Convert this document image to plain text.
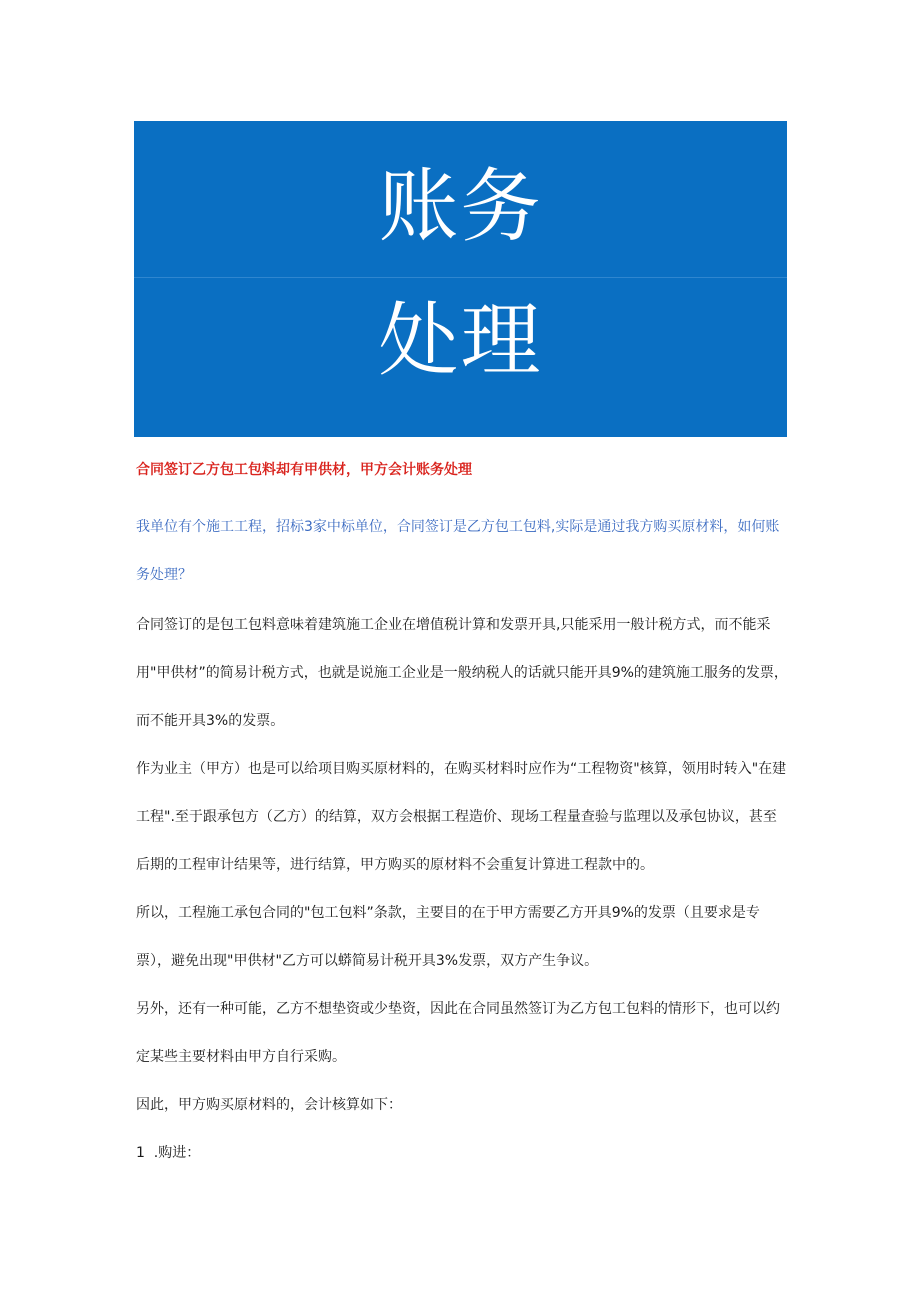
账务
处理

合同签订乙方包工包料却有甲供材，甲方会计账务处理

我单位有个施工工程，招标3家中标单位，合同签订是乙方包工包料,实际是通过我方购买原材料，如何账务处理？

合同签订的是包工包料意味着建筑施工企业在增值税计算和发票开具,只能采用一般计税方式，而不能采用"甲供材”的简易计税方式，也就是说施工企业是一般纳税人的话就只能开具9%的建筑施工服务的发票，而不能开具3%的发票。

作为业主（甲方）也是可以给项目购买原材料的，在购买材料时应作为“工程物资"核算，领用时转入"在建工程".至于跟承包方（乙方）的结算，双方会根据工程造价、现场工程量查验与监理以及承包协议，甚至后期的工程审计结果等，进行结算，甲方购买的原材料不会重复计算进工程款中的。

所以，工程施工承包合同的"包工包料”条款，主要目的在于甲方需要乙方开具9%的发票（且要求是专票），避免出现"甲供材"乙方可以蟒简易计税开具3%发票，双方产生争议。

另外，还有一种可能，乙方不想垫资或少垫资，因此在合同虽然签订为乙方包工包料的情形下，也可以约定某些主要材料由甲方自行采购。

因此，甲方购买原材料的，会计核算如下：

1  .购进：
